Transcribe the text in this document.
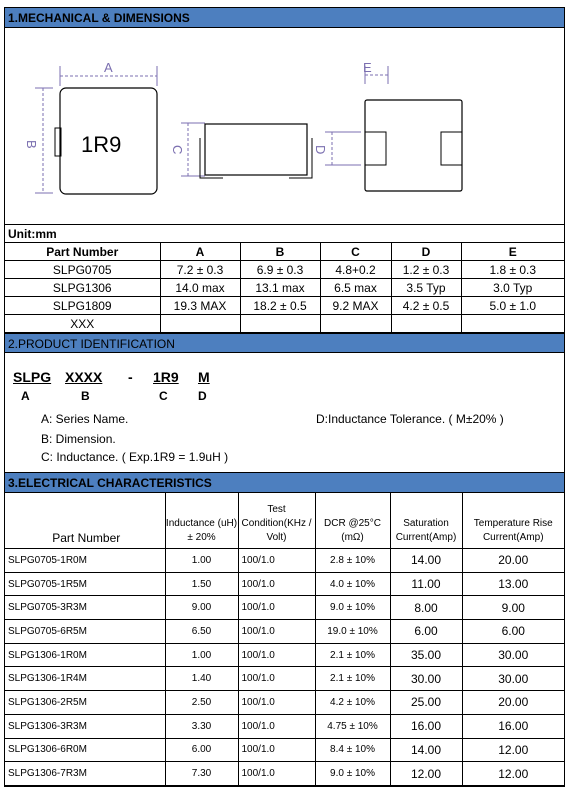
1.MECHANICAL & DIMENSIONS
A
B 1R9	C
E
D
Unit:mm
Part Number	A	B	C	D	E
SLPG0705	7.2 ± 0.3	6.9 ± 0.3	4.8+0.2	1.2 ± 0.3	1.8 ± 0.3
SLPG1306	14.0 max	13.1 max	6.5 max	3.5 Typ	3.0 Typ
SLPG1809	19.3 MAX	18.2 ± 0.5	9.2 MAX	4.2 ± 0.5	5.0 ± 1.0
XXX					
2.PRODUCT IDENTIFICATION
SLPG XXXX - 1R9 M
A	B	C	D
A: Series Name.
B: Dimension.
C: Inductance. ( Exp.1R9 = 1.9uH )
D:Inductance Tolerance. ( M±20% )
3.ELECTRICAL CHARACTERISTICS
Part Number	Inductance (uH) ± 20%	Test Condition(KHz / Volt)	DCR @25°C (mΩ)	Saturation Current(Amp)	Temperature Rise Current(Amp)
SLPG0705-1R0M	1.00	100/1.0	2.8 ± 10%	14.00	20.00
SLPG0705-1R5M	1.50	100/1.0	4.0 ± 10%	11.00	13.00
SLPG0705-3R3M	9.00	100/1.0	9.0 ± 10%	8.00	9.00
SLPG0705-6R5M	6.50	100/1.0	19.0 ± 10%	6.00	6.00
SLPG1306-1R0M	1.00	100/1.0	2.1 ± 10%	35.00	30.00
SLPG1306-1R4M	1.40	100/1.0	2.1 ± 10%	30.00	30.00
SLPG1306-2R5M	2.50	100/1.0	4.2 ± 10%	25.00	20.00
SLPG1306-3R3M	3.30	100/1.0	4.75 ± 10%	16.00	16.00
SLPG1306-6R0M	6.00	100/1.0	8.4 ± 10%	14.00	12.00
SLPG1306-7R3M	7.30	100/1.0	9.0 ± 10%	12.00	12.00
